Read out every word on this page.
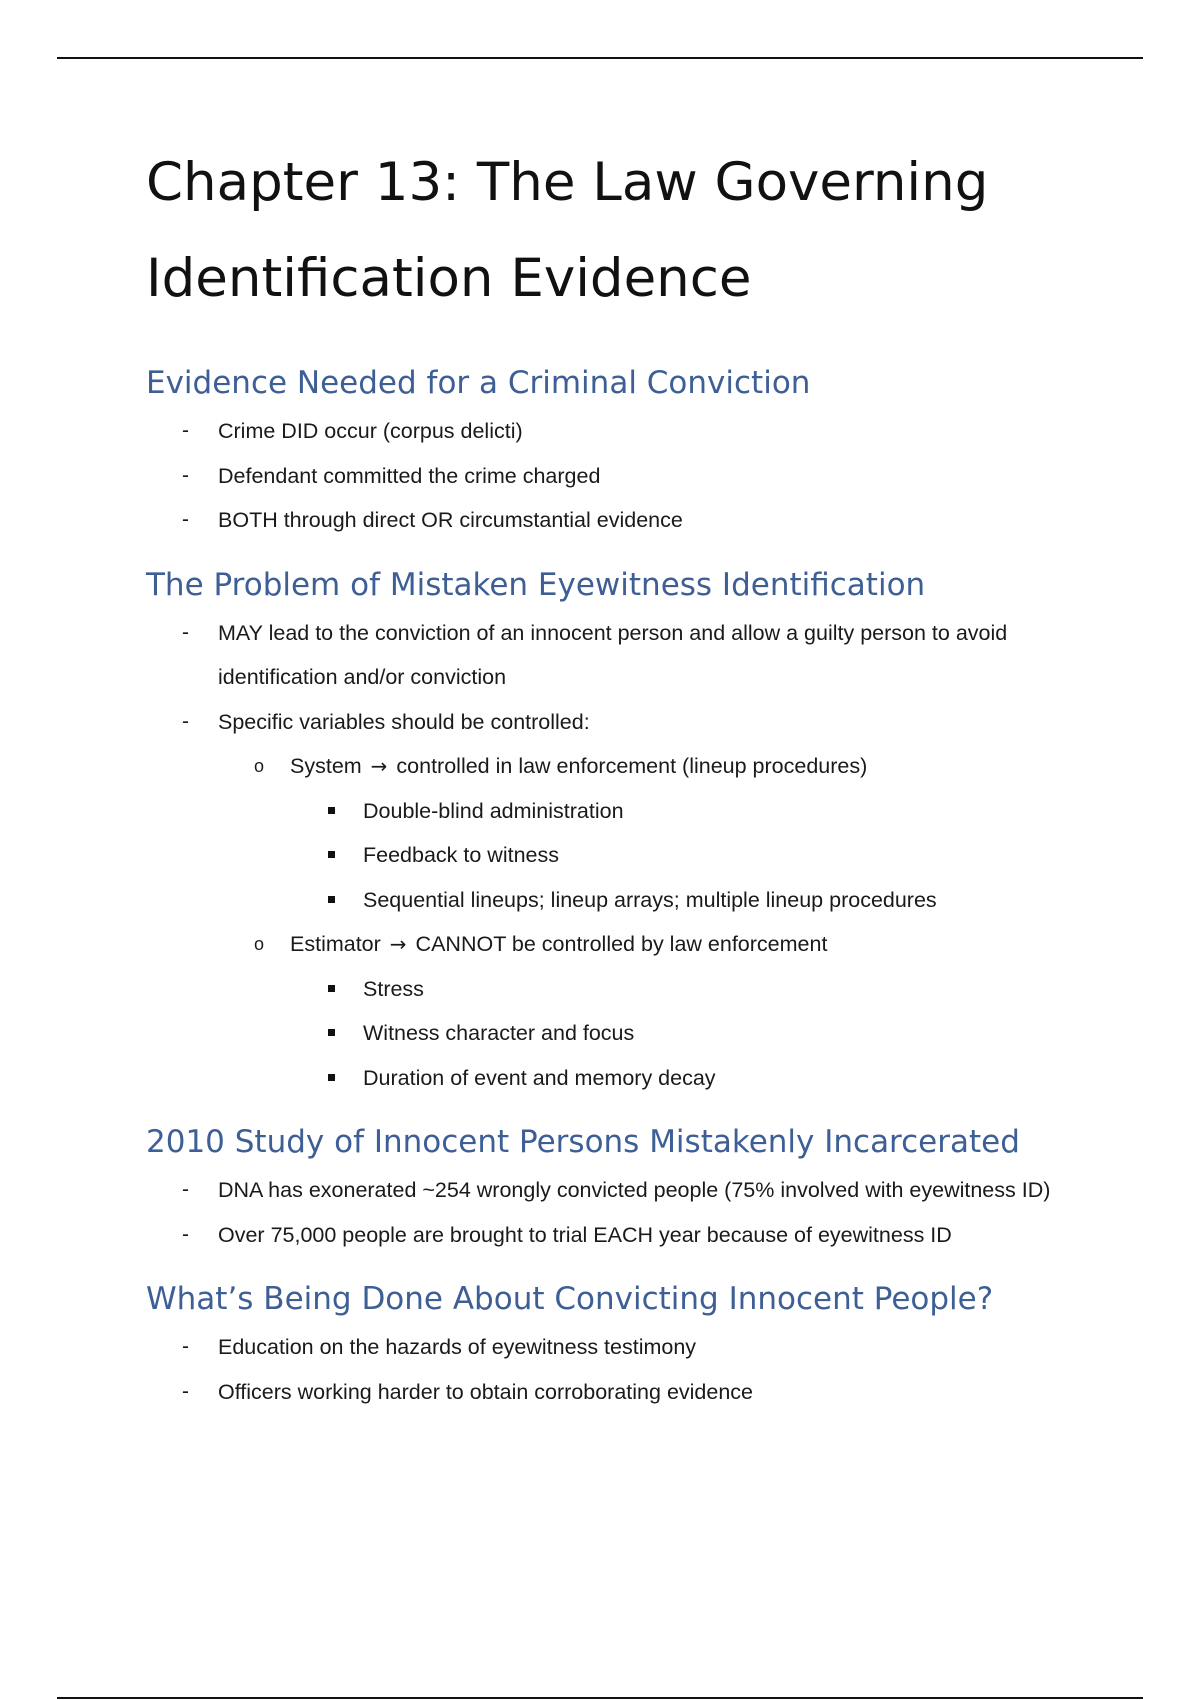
Chapter 13: The Law Governing
Identification Evidence
Evidence Needed for a Criminal Conviction
- Crime DID occur (corpus delicti)
- Defendant committed the crime charged
- BOTH through direct OR circumstantial evidence
The Problem of Mistaken Eyewitness Identification
- MAY lead to the conviction of an innocent person and allow a guilty person to avoid identification and/or conviction
- Specific variables should be controlled:
o System → controlled in law enforcement (lineup procedures)
Double-blind administration
Feedback to witness
Sequential lineups; lineup arrays; multiple lineup procedures
o Estimator → CANNOT be controlled by law enforcement
Stress
Witness character and focus
Duration of event and memory decay
2010 Study of Innocent Persons Mistakenly Incarcerated
- DNA has exonerated ~254 wrongly convicted people (75% involved with eyewitness ID)
- Over 75,000 people are brought to trial EACH year because of eyewitness ID
What’s Being Done About Convicting Innocent People?
- Education on the hazards of eyewitness testimony
- Officers working harder to obtain corroborating evidence
